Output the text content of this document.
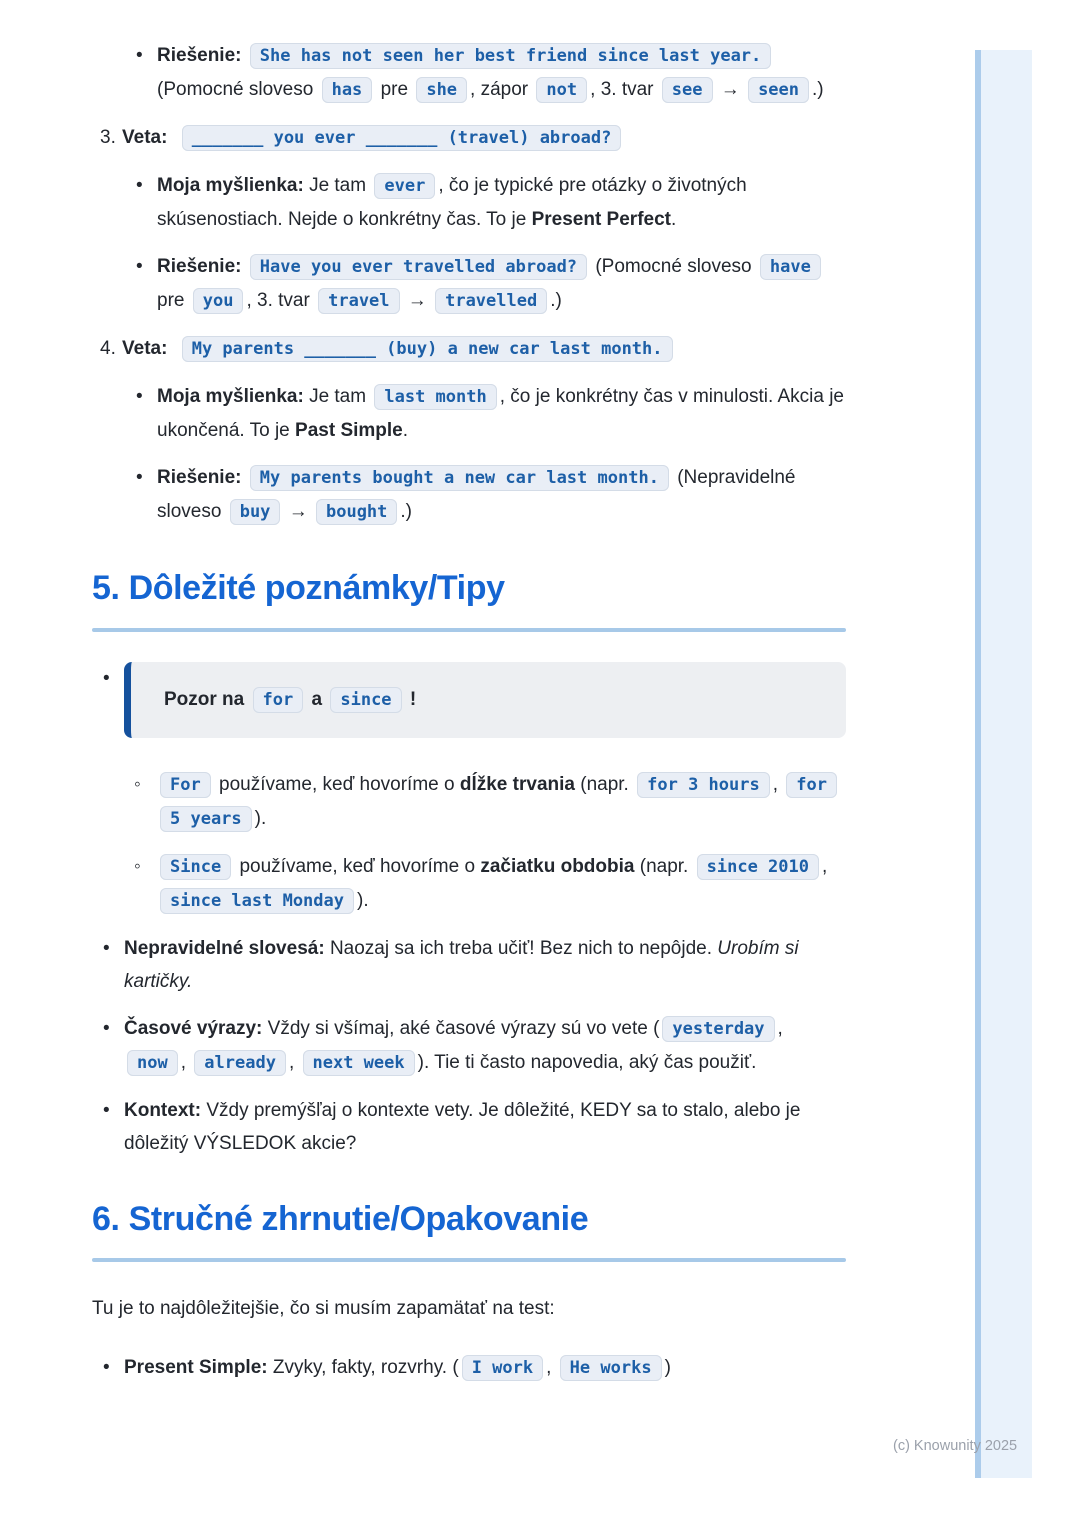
(c) Knowunity 2025
•
Riešenie: She has not seen her best friend since last year. (Pomocné sloveso has pre she , zápor not , 3. tvar see → seen .)
3. Veta: _______ you ever _______ (travel) abroad?
•
Moja myšlienka: Je tam ever , čo je typické pre otázky o životných skúsenostiach. Nejde o konkrétny čas. To je Present Perfect.
•
Riešenie: Have you ever travelled abroad? (Pomocné sloveso have pre you , 3. tvar travel → travelled .)
4. Veta: My parents _______ (buy) a new car last month.
•
Moja myšlienka: Je tam last month , čo je konkrétny čas v minulosti. Akcia je ukončená. To je Past Simple.
•
Riešenie: My parents bought a new car last month. (Nepravidelné sloveso buy → bought .)
5. Dôležité poznámky/Tipy
•
Pozor na for a since !
◦
For používame, keď hovoríme o dĺžke trvania (napr. for 3 hours , for 5 years ).
◦
Since používame, keď hovoríme o začiatku obdobia (napr. since 2010 , since last Monday ).
•
Nepravidelné slovesá: Naozaj sa ich treba učiť! Bez nich to nepôjde. Urobím si kartičky.
•
Časové výrazy: Vždy si všímaj, aké časové výrazy sú vo vete ( yesterday , now , already , next week ). Tie ti často napovedia, aký čas použiť.
•
Kontext: Vždy premýšľaj o kontexte vety. Je dôležité, KEDY sa to stalo, alebo je dôležitý VÝSLEDOK akcie?
6. Stručné zhrnutie/Opakovanie

Tu je to najdôležitejšie, čo si musím zapamätať na test:

•
Present Simple: Zvyky, fakty, rozvrhy. ( I work , He works )
